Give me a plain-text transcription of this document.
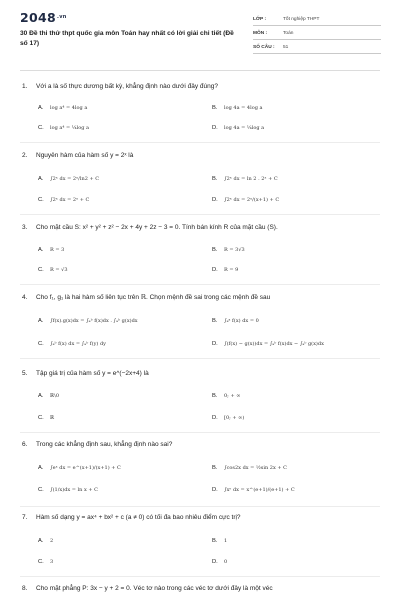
$2048^{.vn}$
30 Đề thi thử thpt quốc gia môn Toán hay nhất có lời giải chi tiết (Đề số 17)
LỚP :	Tốt nghiệp THPT
MÔN :	Toán
SỐ CÂU : 51
1. Với a là số thực dương bất kỳ, khẳng định nào dưới đây đúng?
A. log a⁴ = 4log a	B. log 4a = 4log a
C. log a⁴ = ¼log a	D. log 4a = ¼log a
2. Nguyên hàm của hàm số y = 2ˣ là
A. ∫2ˣ dx = 2ˣ/ln2 + C	B. ∫2ˣ dx = ln 2 . 2ˣ + C
C. ∫2ˣ dx = 2ˣ + C	D. ∫2ˣ dx = 2ˣ/(x+1) + C
3. Cho mặt cầu S: x² + y² + z² − 2x + 4y + 2z − 3 = 0. Tính bán kính R của mặt cầu (S).
A. R = 3	B. R = 3√3
C. R = √3	D. R = 9
4. Cho f₁, g₁ là hai hàm số liên tục trên ℝ. Chọn mệnh đề sai trong các mệnh đề sau
A. ∫f(x).g(x)dx = ∫ₐᵇ f(x)dx . ∫ₐᵇ g(x)dx	B. ∫ₐᵃ f(x) dx = 0
C. ∫ₐᵇ f(x) dx = ∫ₐᵇ f(y) dy	D. ∫(f(x) − g(x))dx = ∫ₐᵇ f(x)dx − ∫ₐᵇ g(x)dx
5. Tập giá trị của hàm số y = e^(−2x+4) là
A. ℝ\0	B. 0; + ∞
C. ℝ	D. [0; + ∞)
6. Trong các khẳng định sau, khẳng định nào sai?
A. ∫eˣ dx = e^(x+1)/(x+1) + C	B. ∫cos2x dx = ½sin 2x + C
C. ∫(1/x)dx = ln x + C	D. ∫xᵉ dx = x^(e+1)/(e+1) + C
7. Hàm số dạng y = ax⁴ + bx² + c (a ≠ 0) có tối đa bao nhiêu điểm cực trị?
A. 2	B. 1
C. 3	D. 0
8. Cho mặt phẳng P: 3x − y + 2 = 0. Véc tơ nào trong các véc tơ dưới đây là một véc
